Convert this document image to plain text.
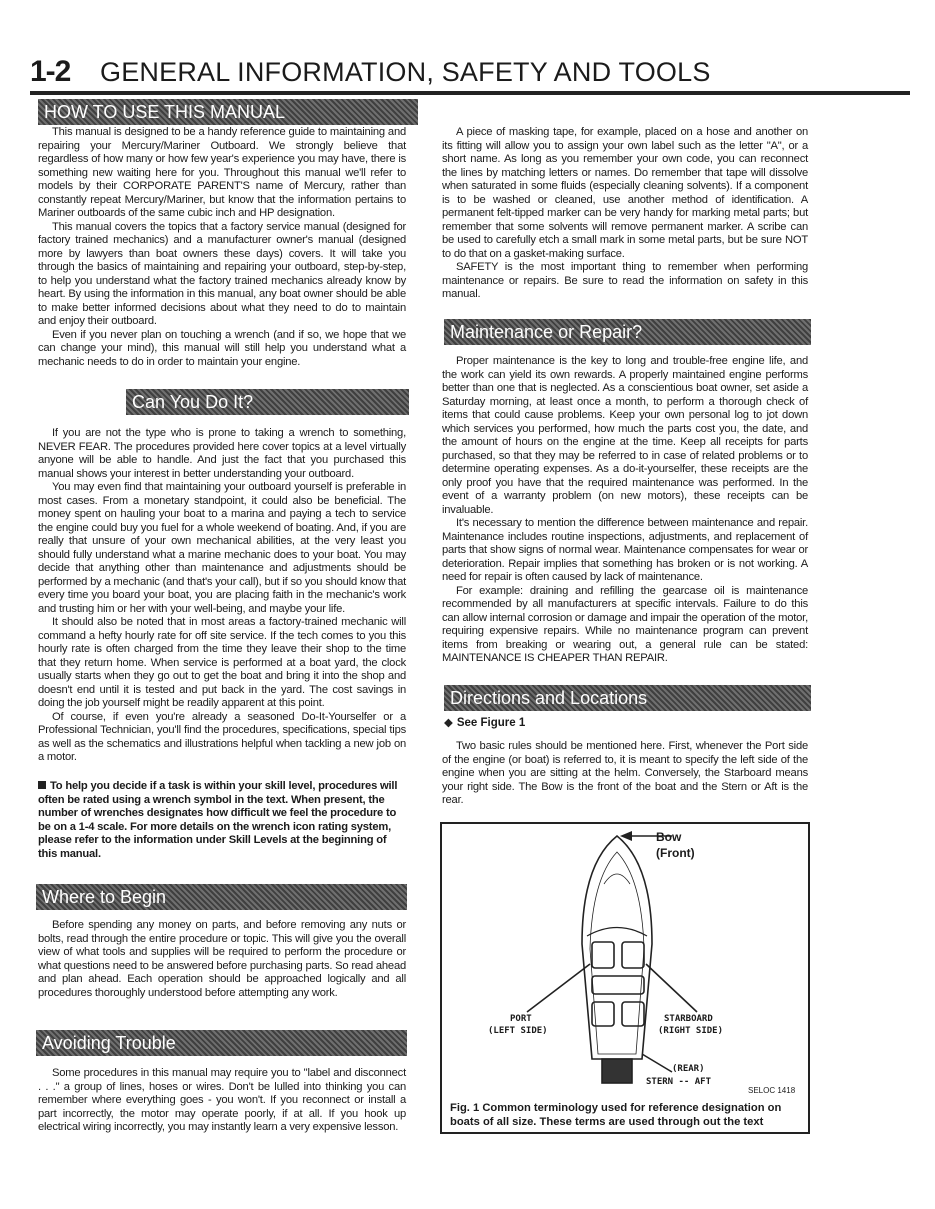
1-2 GENERAL INFORMATION, SAFETY AND TOOLS
HOW TO USE THIS MANUAL

This manual is designed to be a handy reference guide to maintaining and repairing your Mercury/Mariner Outboard. We strongly believe that regardless of how many or how few year's experience you may have, there is something new waiting here for you. Throughout this manual we'll refer to models by their CORPORATE PARENT'S name of Mercury, rather than constantly repeat Mercury/Mariner, but know that the information pertains to Mariner outboards of the same cubic inch and HP designation.

This manual covers the topics that a factory service manual (designed for factory trained mechanics) and a manufacturer owner's manual (designed more by lawyers than boat owners these days) covers. It will take you through the basics of maintaining and repairing your outboard, step-by-step, to help you understand what the factory trained mechanics already know by heart. By using the information in this manual, any boat owner should be able to make better informed decisions about what they need to do to maintain and enjoy their outboard.

Even if you never plan on touching a wrench (and if so, we hope that we can change your mind), this manual will still help you understand what a mechanic needs to do in order to maintain your engine.

Can You Do It?

If you are not the type who is prone to taking a wrench to something, NEVER FEAR. The procedures provided here cover topics at a level virtually anyone will be able to handle. And just the fact that you purchased this manual shows your interest in better understanding your outboard.

You may even find that maintaining your outboard yourself is preferable in most cases. From a monetary standpoint, it could also be beneficial. The money spent on hauling your boat to a marina and paying a tech to service the engine could buy you fuel for a whole weekend of boating. And, if you are really that unsure of your own mechanical abilities, at the very least you should fully understand what a marine mechanic does to your boat. You may decide that anything other than maintenance and adjustments should be performed by a mechanic (and that's your call), but if so you should know that every time you board your boat, you are placing faith in the mechanic's work and trusting him or her with your well-being, and maybe your life.

It should also be noted that in most areas a factory-trained mechanic will command a hefty hourly rate for off site service. If the tech comes to you this hourly rate is often charged from the time they leave their shop to the time that they return home. When service is performed at a boat yard, the clock usually starts when they go out to get the boat and bring it into the shop and doesn't end until it is tested and put back in the yard. The cost savings in doing the job yourself might be readily apparent at this point.

Of course, if even you're already a seasoned Do-It-Yourselfer or a Professional Technician, you'll find the procedures, specifications, special tips as well as the schematics and illustrations helpful when tackling a new job on a motor.

To help you decide if a task is within your skill level, procedures will often be rated using a wrench symbol in the text. When present, the number of wrenches designates how difficult we feel the procedure to be on a 1-4 scale. For more details on the wrench icon rating system, please refer to the information under Skill Levels at the beginning of this manual.
Where to Begin

Before spending any money on parts, and before removing any nuts or bolts, read through the entire procedure or topic. This will give you the overall view of what tools and supplies will be required to perform the procedure or what questions need to be answered before purchasing parts. So read ahead and plan ahead. Each operation should be approached logically and all procedures thoroughly understood before attempting any work.

Avoiding Trouble

Some procedures in this manual may require you to "label and disconnect . . ." a group of lines, hoses or wires. Don't be lulled into thinking you can remember where everything goes - you won't. If you reconnect or install a part incorrectly, the motor may operate poorly, if at all. If you hook up electrical wiring incorrectly, you may instantly learn a very expensive lesson.

A piece of masking tape, for example, placed on a hose and another on its fitting will allow you to assign your own label such as the letter "A", or a short name. As long as you remember your own code, you can reconnect the lines by matching letters or names. Do remember that tape will dissolve when saturated in some fluids (especially cleaning solvents). If a component is to be washed or cleaned, use another method of identification. A permanent felt-tipped marker can be very handy for marking metal parts; but remember that some solvents will remove permanent marker. A scribe can be used to carefully etch a small mark in some metal parts, but be sure NOT to do that on a gasket-making surface.

SAFETY is the most important thing to remember when performing maintenance or repairs. Be sure to read the information on safety in this manual.

Maintenance or Repair?

Proper maintenance is the key to long and trouble-free engine life, and the work can yield its own rewards. A properly maintained engine performs better than one that is neglected. As a conscientious boat owner, set aside a Saturday morning, at least once a month, to perform a thorough check of items that could cause problems. Keep your own personal log to jot down which services you performed, how much the parts cost you, the date, and the amount of hours on the engine at the time. Keep all receipts for parts purchased, so that they may be referred to in case of related problems or to determine operating expenses. As a do-it-yourselfer, these receipts are the only proof you have that the required maintenance was performed. In the event of a warranty problem (on new motors), these receipts can be invaluable.

It's necessary to mention the difference between maintenance and repair. Maintenance includes routine inspections, adjustments, and replacement of parts that show signs of normal wear. Maintenance compensates for wear or deterioration. Repair implies that something has broken or is not working. A need for repair is often caused by lack of maintenance.

For example: draining and refilling the gearcase oil is maintenance recommended by all manufacturers at specific intervals. Failure to do this can allow internal corrosion or damage and impair the operation of the motor, requiring expensive repairs. While no maintenance program can prevent items from breaking or wearing out, a general rule can be stated: MAINTENANCE IS CHEAPER THAN REPAIR.

Directions and Locations
◆ See Figure 1

Two basic rules should be mentioned here. First, whenever the Port side of the engine (or boat) is referred to, it is meant to specify the left side of the engine when you are sitting at the helm. Conversely, the Starboard means your right side. The Bow is the front of the boat and the Stern or Aft is the rear.

Bow
(Front)
PORT
(LEFT SIDE)
STARBOARD
(RIGHT SIDE)
(REAR)
STERN -- AFT
SELOC 1418
Fig. 1 Common terminology used for reference designation on boats of all size. These terms are used through out the text
